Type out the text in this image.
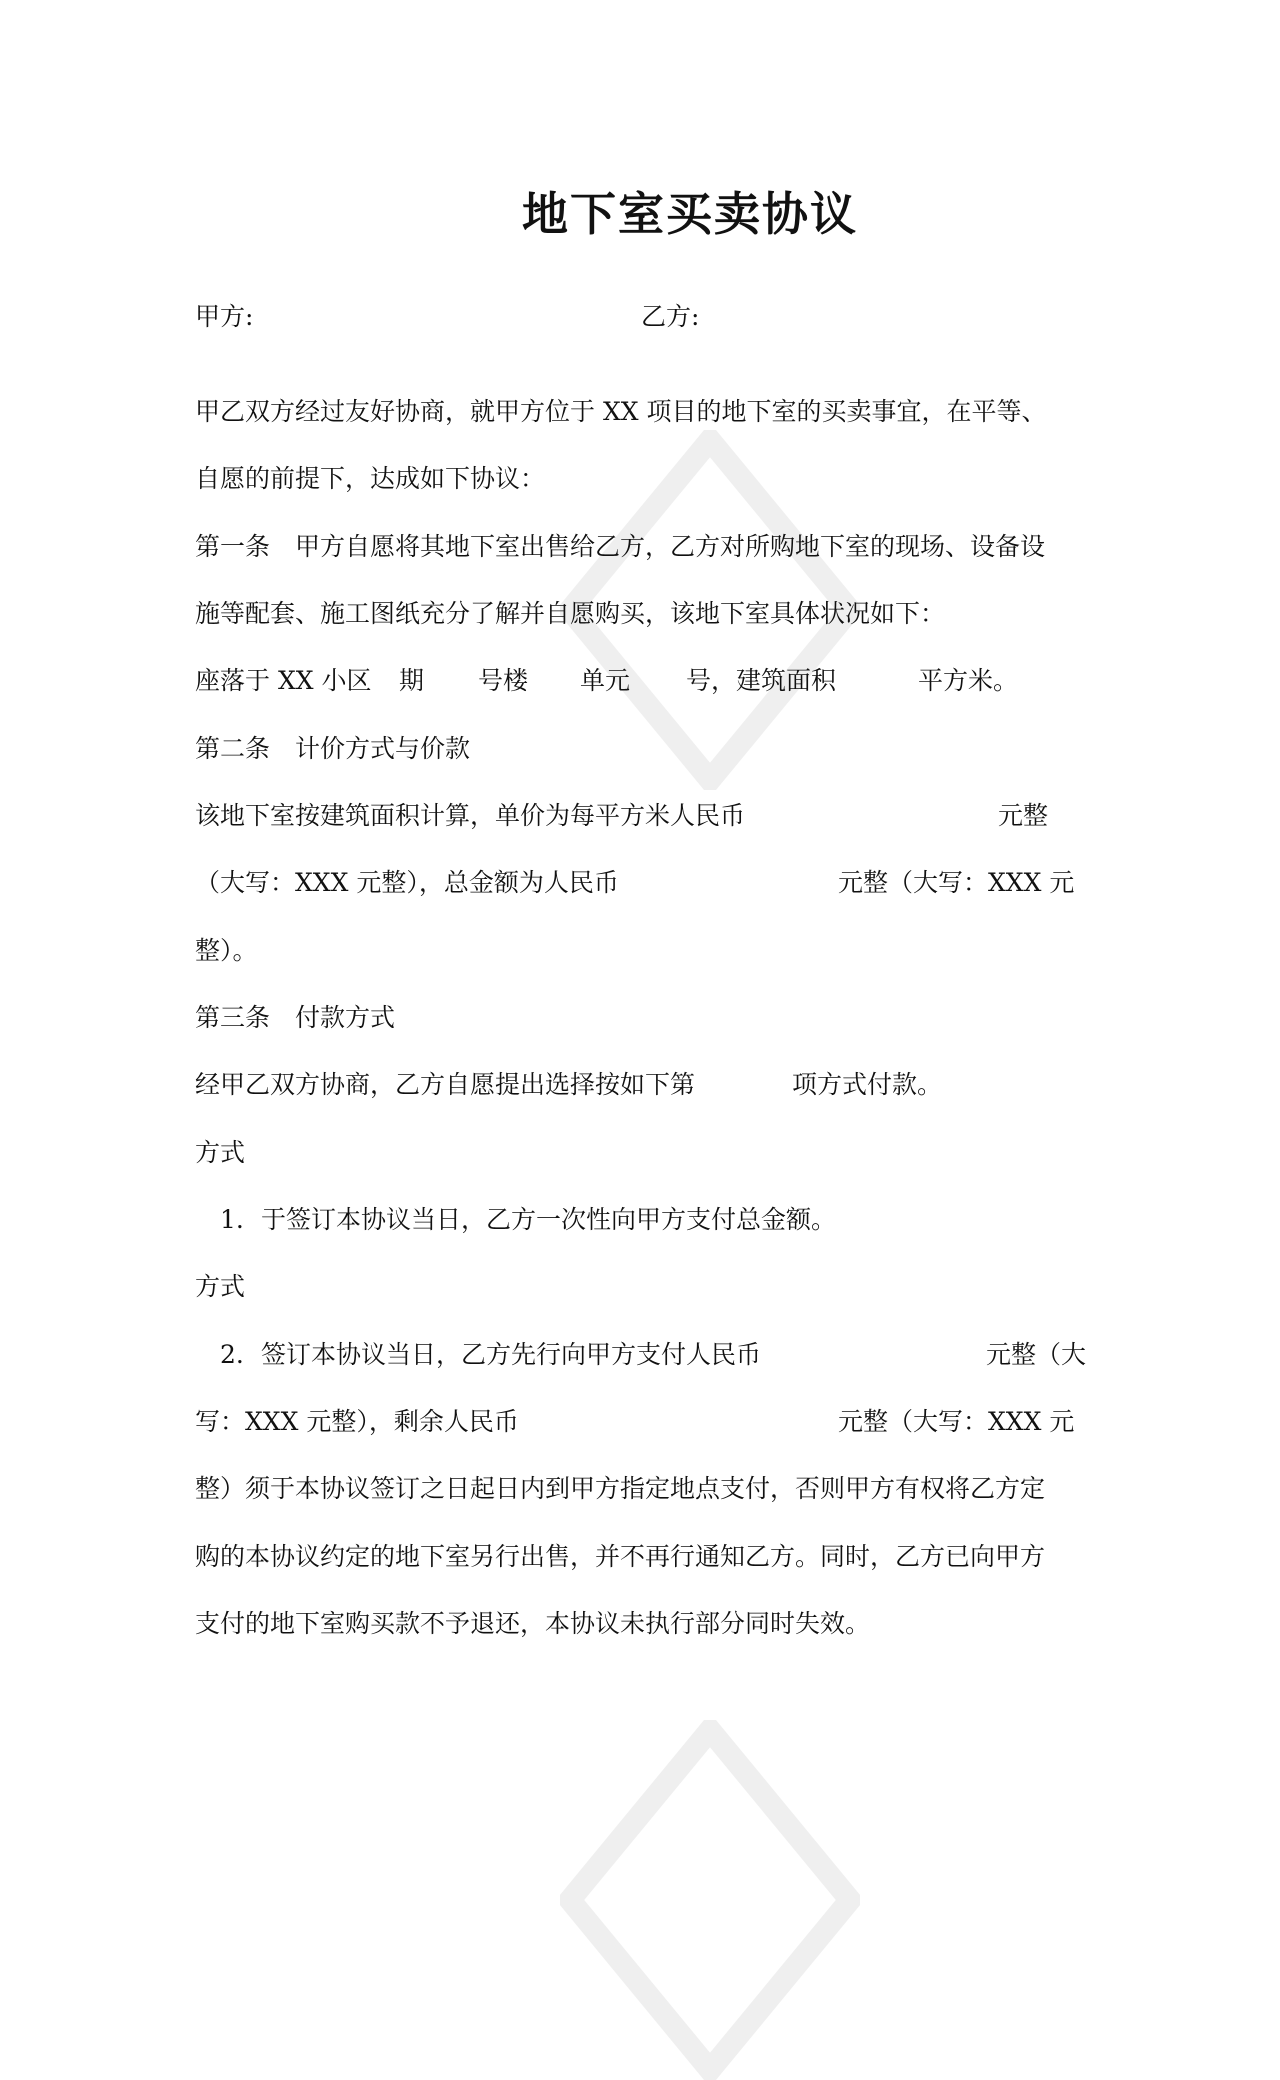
地下室买卖协议
甲方:	乙方:
甲乙双方经过友好协商，就甲方位于 XX 项目的地下室的买卖事宜，在平等、
自愿的前提下，达成如下协议：
第一条　甲方自愿将其地下室出售给乙方，乙方对所购地下室的现场、设备设
施等配套、施工图纸充分了解并自愿购买，该地下室具体状况如下：
座落于 XX 小区 期 号楼 单元 号，建筑面积	平方米。
第二条　计价方式与价款
该地下室按建筑面积计算，单价为每平方米人民币	元整
（大写：XXX 元整），总金额为人民币	元整（大写：XXX 元
整）。
第三条　付款方式
经甲乙双方协商，乙方自愿提出选择按如下第	项方式付款。
方式
1. 于签订本协议当日，乙方一次性向甲方支付总金额。
方式
2. 签订本协议当日，乙方先行向甲方支付人民币	元整（大
写：XXX 元整），剩余人民币	元整（大写：XXX 元
整）须于本协议签订之日起日内到甲方指定地点支付，否则甲方有权将乙方定
购的本协议约定的地下室另行出售，并不再行通知乙方。同时，乙方已向甲方
支付的地下室购买款不予退还，本协议未执行部分同时失效。
